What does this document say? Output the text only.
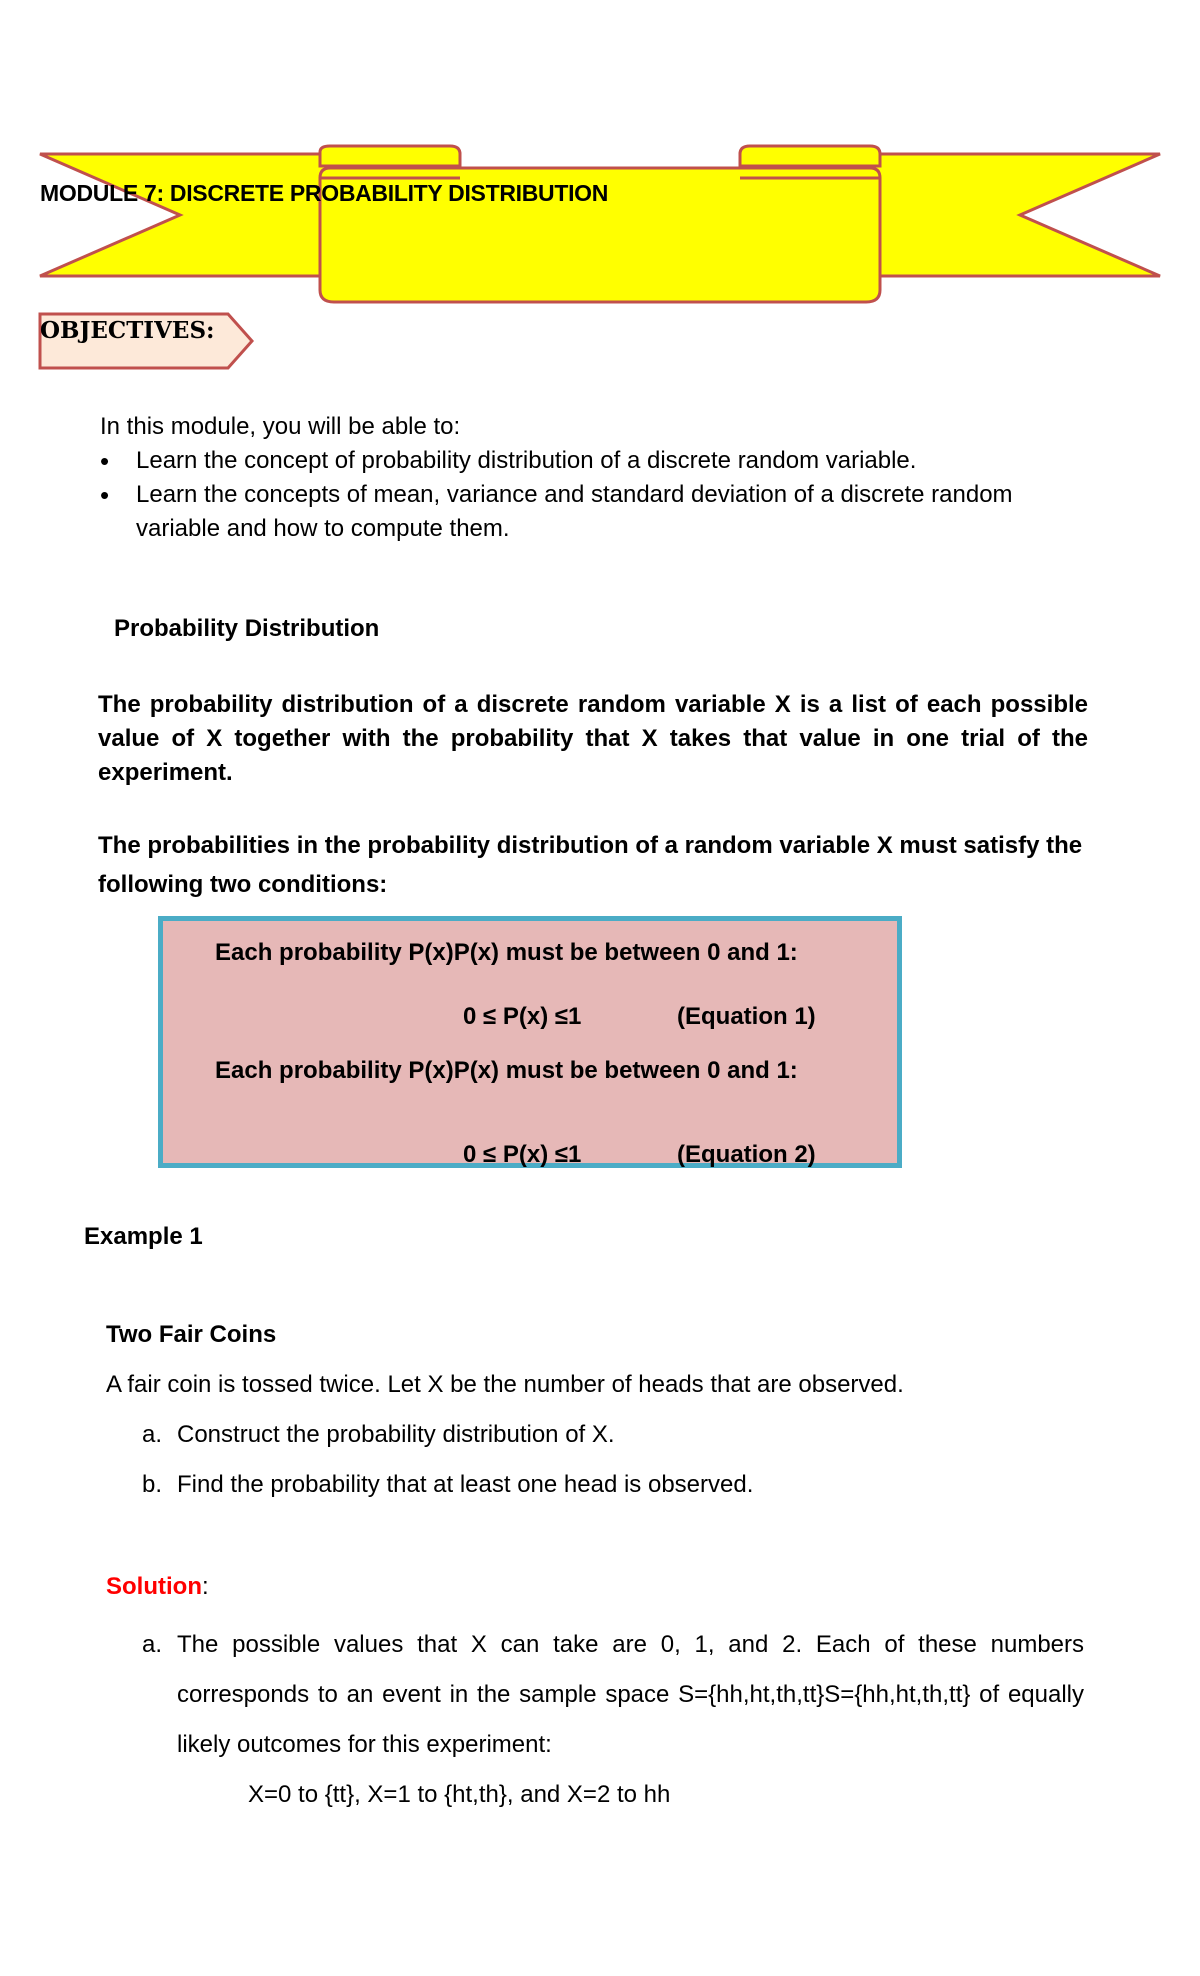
MODULE 7: DISCRETE PROBABILITY DISTRIBUTION
OBJECTIVES:
In this module, you will be able to:
• Learn the concept of probability distribution of a discrete random variable.
• Learn the concepts of mean, variance and standard deviation of a discrete random variable and how to compute them.
Probability Distribution
The probability distribution of a discrete random variable X is a list of each possible value of X together with the probability that X takes that value in one trial of the experiment.
The probabilities in the probability distribution of a random variable X must satisfy the following two conditions:
Each probability P(x)P(x) must be between 0 and 1:
0 ≤ P(x) ≤1	(Equation 1)
Each probability P(x)P(x) must be between 0 and 1:
0 ≤ P(x) ≤1	(Equation 2)
Example 1
Two Fair Coins
A fair coin is tossed twice. Let X be the number of heads that are observed.
a. Construct the probability distribution of X.
b. Find the probability that at least one head is observed.
Solution:
a. The possible values that X can take are 0, 1, and 2. Each of these numbers corresponds to an event in the sample space S={hh,ht,th,tt}S={hh,ht,th,tt} of equally likely outcomes for this experiment:
X=0 to {tt}, X=1 to {ht,th}, and X=2 to hh
